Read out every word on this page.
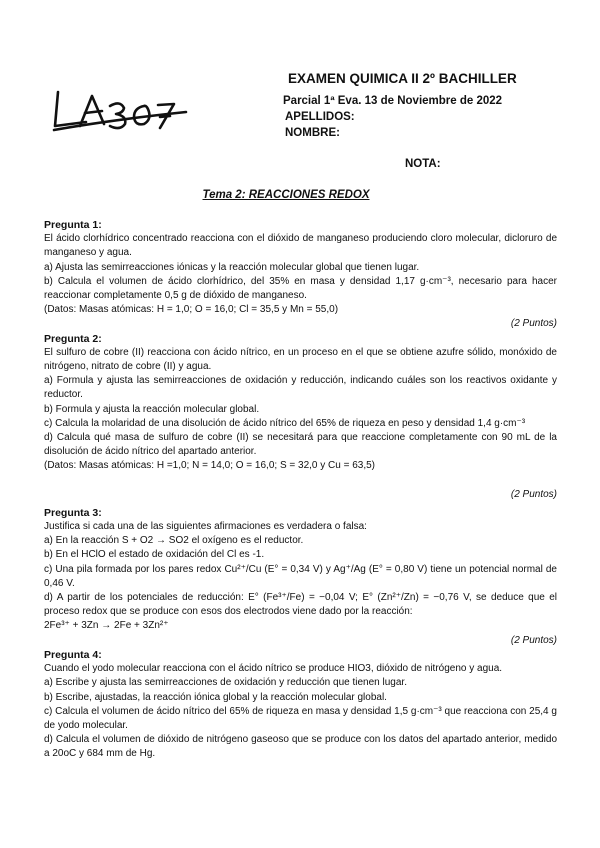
EXAMEN QUIMICA II 2º BACHILLER
Parcial 1ª Eva. 13 de Noviembre de 2022
APELLIDOS:
NOMBRE:
NOTA:
Tema 2: REACCIONES REDOX

Pregunta 1:

El ácido clorhídrico concentrado reacciona con el dióxido de manganeso produciendo cloro molecular, dicloruro de manganeso y agua.

a) Ajusta las semirreacciones iónicas y la reacción molecular global que tienen lugar.

b) Calcula el volumen de ácido clorhídrico, del 35% en masa y densidad 1,17 g·cm⁻³, necesario para hacer reaccionar completamente 0,5 g de dióxido de manganeso.

(Datos: Masas atómicas: H = 1,0; O = 16,0; Cl = 35,5 y Mn = 55,0)

(2 Puntos)

Pregunta 2:

El sulfuro de cobre (II) reacciona con ácido nítrico, en un proceso en el que se obtiene azufre sólido, monóxido de nitrógeno, nitrato de cobre (II) y agua.

a) Formula y ajusta las semirreacciones de oxidación y reducción, indicando cuáles son los reactivos oxidante y reductor.

b) Formula y ajusta la reacción molecular global.

c) Calcula la molaridad de una disolución de ácido nítrico del 65% de riqueza en peso y densidad 1,4 g·cm⁻³

d) Calcula qué masa de sulfuro de cobre (II) se necesitará para que reaccione completamente con 90 mL de la disolución de ácido nítrico del apartado anterior.

(Datos: Masas atómicas: H =1,0; N = 14,0; O = 16,0; S = 32,0 y Cu = 63,5)

(2 Puntos)

Pregunta 3:

Justifica si cada una de las siguientes afirmaciones es verdadera o falsa:

a) En la reacción S + O2 → SO2 el oxígeno es el reductor.

b) En el HClO el estado de oxidación del Cl es -1.

c) Una pila formada por los pares redox Cu²⁺/Cu (E° = 0,34 V) y Ag⁺/Ag (E° = 0,80 V) tiene un potencial normal de 0,46 V.

d) A partir de los potenciales de reducción: E° (Fe³⁺/Fe) = −0,04 V; E° (Zn²⁺/Zn) = −0,76 V, se deduce que el proceso redox que se produce con esos dos electrodos viene dado por la reacción:

2Fe³⁺ + 3Zn → 2Fe + 3Zn²⁺

(2 Puntos)

Pregunta 4:

Cuando el yodo molecular reacciona con el ácido nítrico se produce HIO3, dióxido de nitrógeno y agua.

a) Escribe y ajusta las semirreacciones de oxidación y reducción que tienen lugar.

b) Escribe, ajustadas, la reacción iónica global y la reacción molecular global.

c) Calcula el volumen de ácido nítrico del 65% de riqueza en masa y densidad 1,5 g·cm⁻³ que reacciona con 25,4 g de yodo molecular.

d) Calcula el volumen de dióxido de nitrógeno gaseoso que se produce con los datos del apartado anterior, medido a 20oC y 684 mm de Hg.
